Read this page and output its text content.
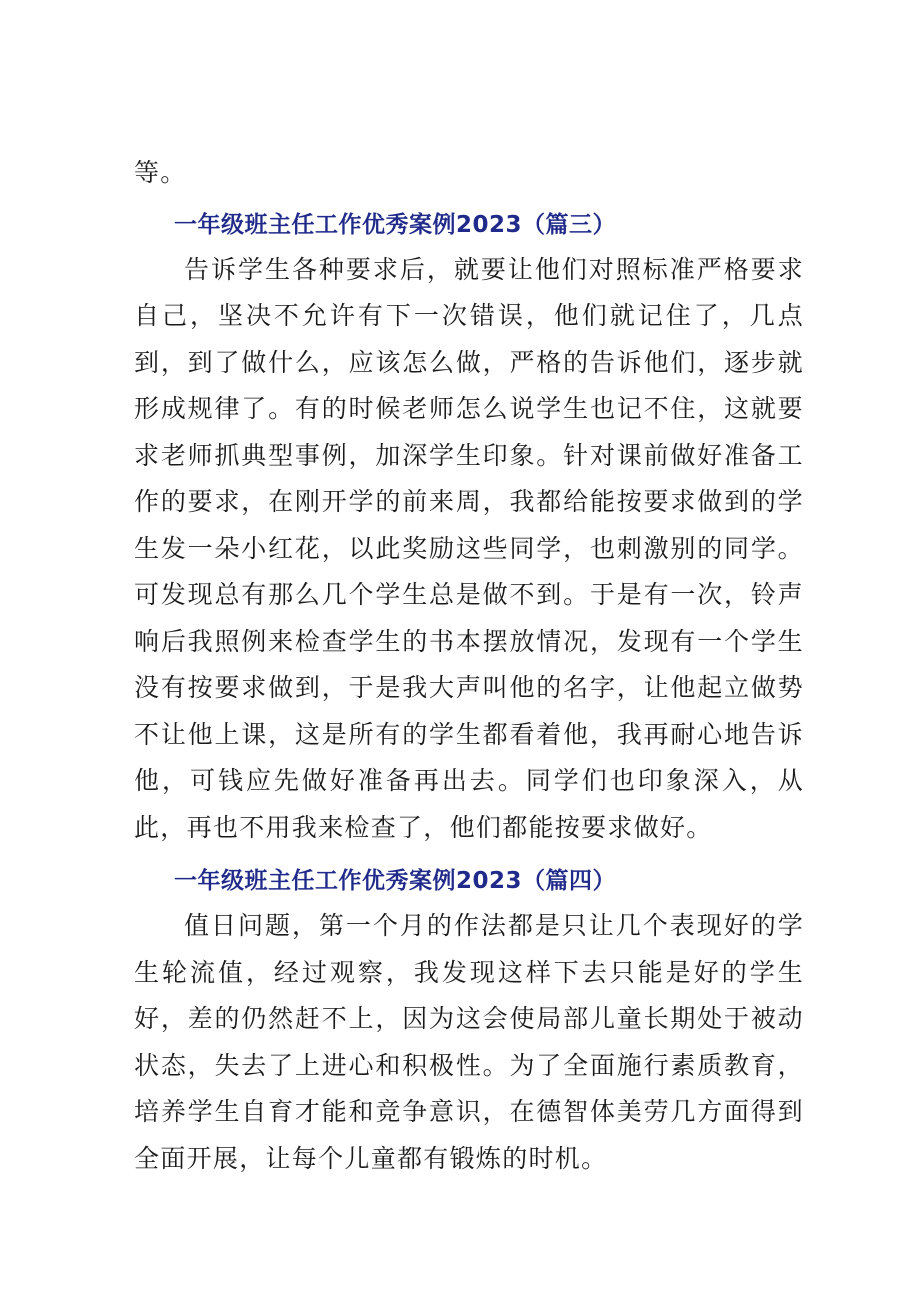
等。

一年级班主任工作优秀案例2023（篇三）

告诉学生各种要求后，就要让他们对照标准严格要求自己，坚决不允许有下一次错误，他们就记住了，几点到，到了做什么，应该怎么做，严格的告诉他们，逐步就形成规律了。有的时候老师怎么说学生也记不住，这就要求老师抓典型事例，加深学生印象。针对课前做好准备工作的要求，在刚开学的前来周，我都给能按要求做到的学生发一朵小红花，以此奖励这些同学，也刺激别的同学。可发现总有那么几个学生总是做不到。于是有一次，铃声响后我照例来检查学生的书本摆放情况，发现有一个学生没有按要求做到，于是我大声叫他的名字，让他起立做势不让他上课，这是所有的学生都看着他，我再耐心地告诉他，可钱应先做好准备再出去。同学们也印象深入，从此，再也不用我来检查了，他们都能按要求做好。

一年级班主任工作优秀案例2023（篇四）

值日问题，第一个月的作法都是只让几个表现好的学生轮流值，经过观察，我发现这样下去只能是好的学生好，差的仍然赶不上，因为这会使局部儿童长期处于被动状态，失去了上进心和积极性。为了全面施行素质教育，培养学生自育才能和竞争意识，在德智体美劳几方面得到全面开展，让每个儿童都有锻炼的时机。
